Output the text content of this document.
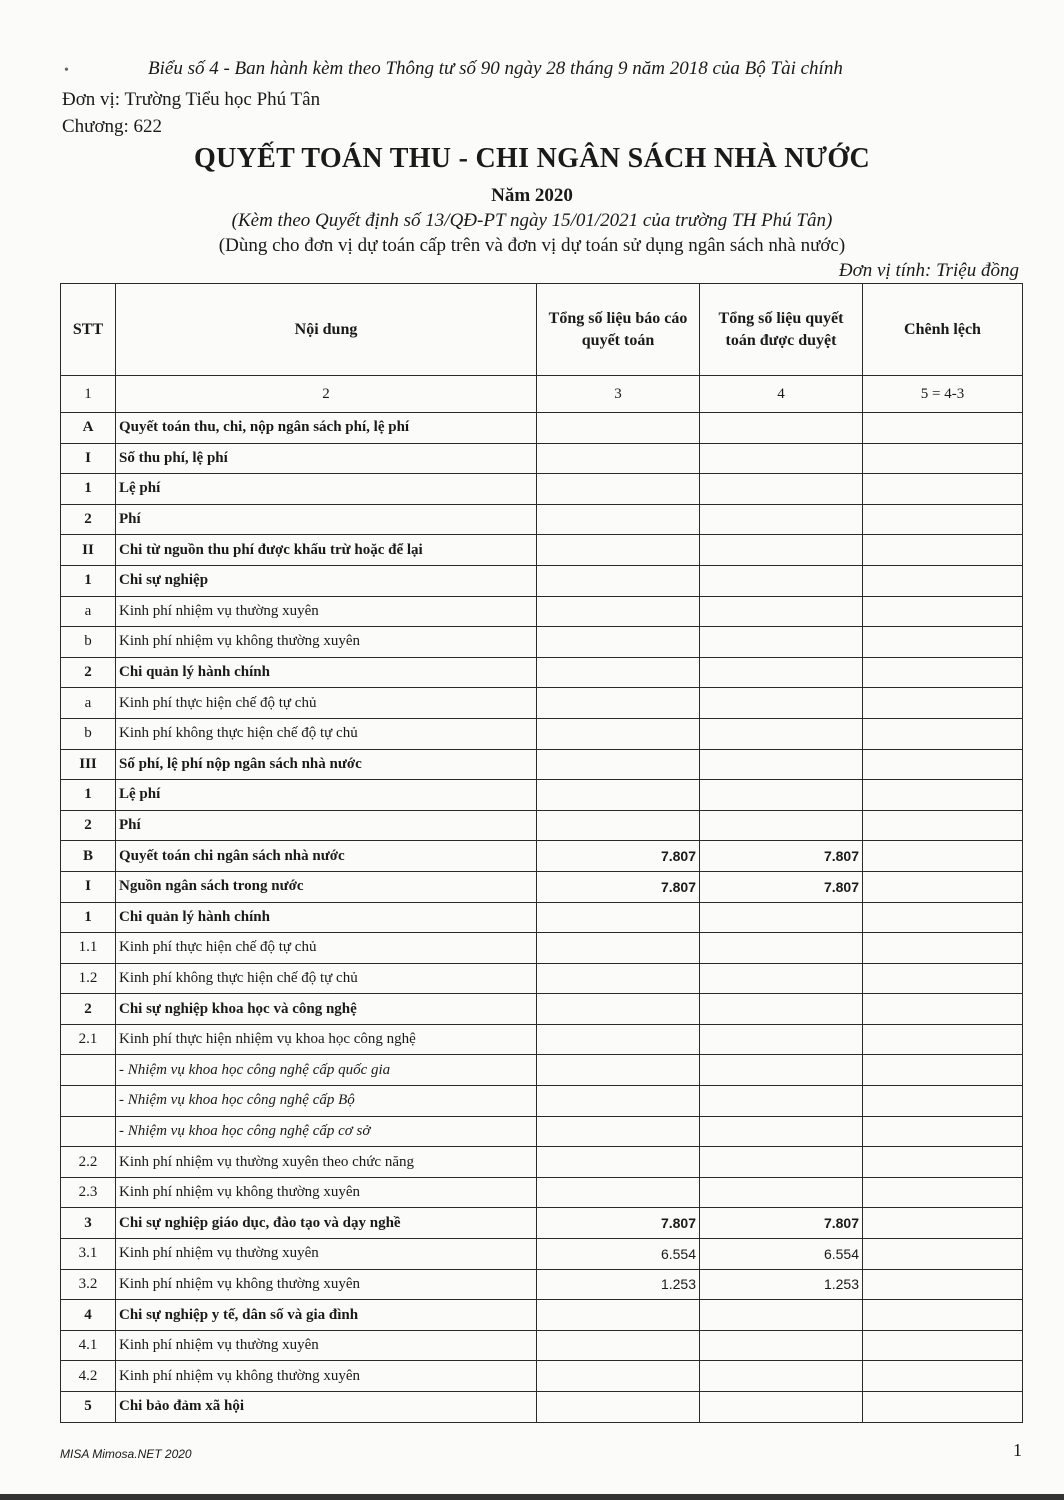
•	Biểu số 4 - Ban hành kèm theo Thông tư số 90 ngày 28 tháng 9 năm 2018 của Bộ Tài chính
Đơn vị: Trường Tiểu học Phú Tân
Chương: 622
QUYẾT TOÁN THU - CHI NGÂN SÁCH NHÀ NƯỚC
Năm 2020
(Kèm theo Quyết định số 13/QĐ-PT ngày 15/01/2021 của trường TH Phú Tân)
(Dùng cho đơn vị dự toán cấp trên và đơn vị dự toán sử dụng ngân sách nhà nước)
Đơn vị tính: Triệu đồng
STT	Nội dung	Tổng số liệu báo cáo quyết toán	Tổng số liệu quyết toán được duyệt	Chênh lệch
1	2	3	4	5 = 4-3
A	Quyết toán thu, chi, nộp ngân sách phí, lệ phí			
I	Số thu phí, lệ phí			
1	Lệ phí			
2	Phí			
II	Chi từ nguồn thu phí được khấu trừ hoặc để lại			
1	Chi sự nghiệp			
a	Kinh phí nhiệm vụ thường xuyên			
b	Kinh phí nhiệm vụ không thường xuyên			
2	Chi quản lý hành chính			
a	Kinh phí thực hiện chế độ tự chủ			
b	Kinh phí không thực hiện chế độ tự chủ			
III	Số phí, lệ phí nộp ngân sách nhà nước			
1	Lệ phí			
2	Phí			
B	Quyết toán chi ngân sách nhà nước	7.807	7.807	
I	Nguồn ngân sách trong nước	7.807	7.807	
1	Chi quản lý hành chính			
1.1	Kinh phí thực hiện chế độ tự chủ			
1.2	Kinh phí không thực hiện chế độ tự chủ			
2	Chi sự nghiệp khoa học và công nghệ			
2.1	Kinh phí thực hiện nhiệm vụ khoa học công nghệ			
	- Nhiệm vụ khoa học công nghệ cấp quốc gia			
	- Nhiệm vụ khoa học công nghệ cấp Bộ			
	- Nhiệm vụ khoa học công nghệ cấp cơ sở			
2.2	Kinh phí nhiệm vụ thường xuyên theo chức năng			
2.3	Kinh phí nhiệm vụ không thường xuyên			
3	Chi sự nghiệp giáo dục, đào tạo và dạy nghề	7.807	7.807	
3.1	Kinh phí nhiệm vụ thường xuyên	6.554	6.554	
3.2	Kinh phí nhiệm vụ không thường xuyên	1.253	1.253	
4	Chi sự nghiệp y tế, dân số và gia đình			
4.1	Kinh phí nhiệm vụ thường xuyên			
4.2	Kinh phí nhiệm vụ không thường xuyên			
5	Chi bảo đảm xã hội			
MISA Mimosa.NET 2020	1
